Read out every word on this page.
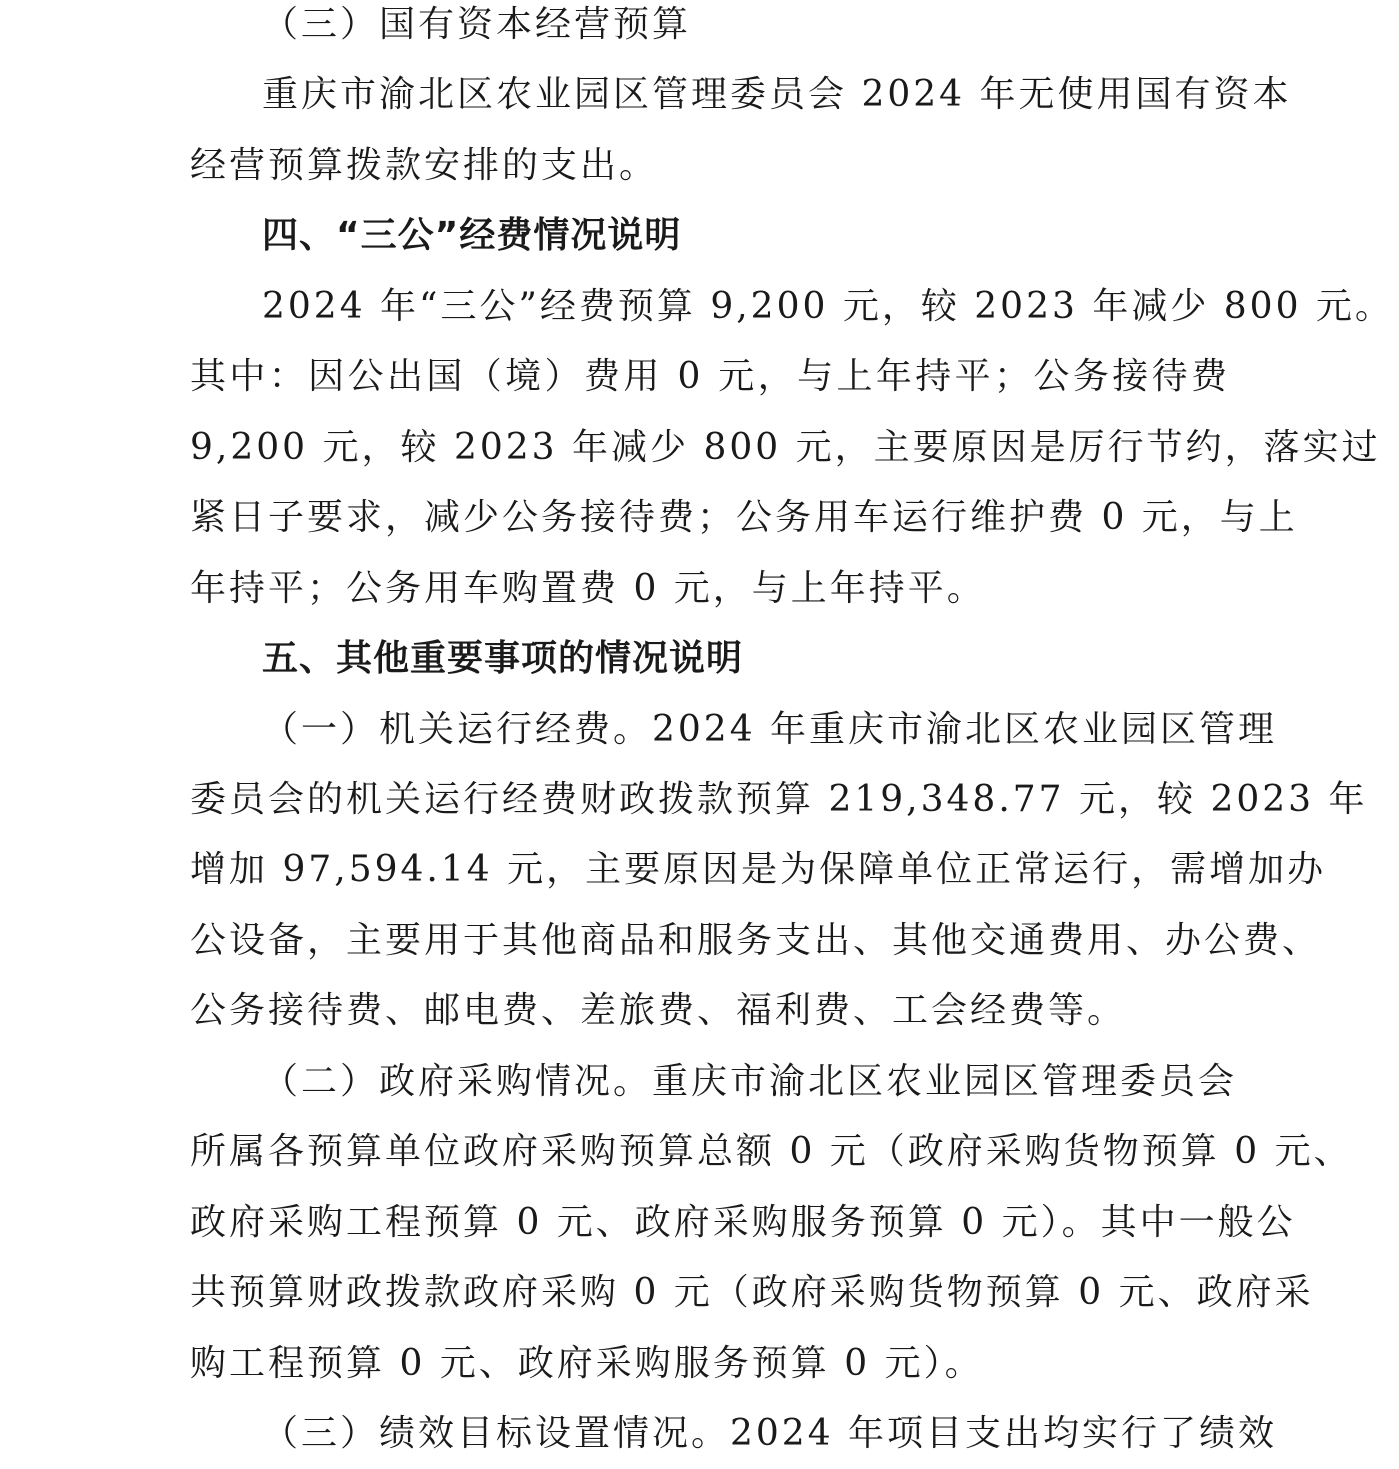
（三）国有资本经营预算
重庆市渝北区农业园区管理委员会 2024 年无使用国有资本
经营预算拨款安排的支出。
四、“三公”经费情况说明
2024 年“三公”经费预算 9,200 元，较 2023 年减少 800 元。
其中：因公出国（境）费用 0 元，与上年持平；公务接待费
9,200 元，较 2023 年减少 800 元，主要原因是厉行节约，落实过
紧日子要求，减少公务接待费；公务用车运行维护费 0 元，与上
年持平；公务用车购置费 0 元，与上年持平。
五、其他重要事项的情况说明
（一）机关运行经费。2024 年重庆市渝北区农业园区管理
委员会的机关运行经费财政拨款预算 219,348.77 元，较 2023 年
增加 97,594.14 元，主要原因是为保障单位正常运行，需增加办
公设备，主要用于其他商品和服务支出、其他交通费用、办公费、
公务接待费、邮电费、差旅费、福利费、工会经费等。
（二）政府采购情况。重庆市渝北区农业园区管理委员会
所属各预算单位政府采购预算总额 0 元（政府采购货物预算 0 元、
政府采购工程预算 0 元、政府采购服务预算 0 元）。其中一般公
共预算财政拨款政府采购 0 元（政府采购货物预算 0 元、政府采
购工程预算 0 元、政府采购服务预算 0 元）。
（三）绩效目标设置情况。2024 年项目支出均实行了绩效
